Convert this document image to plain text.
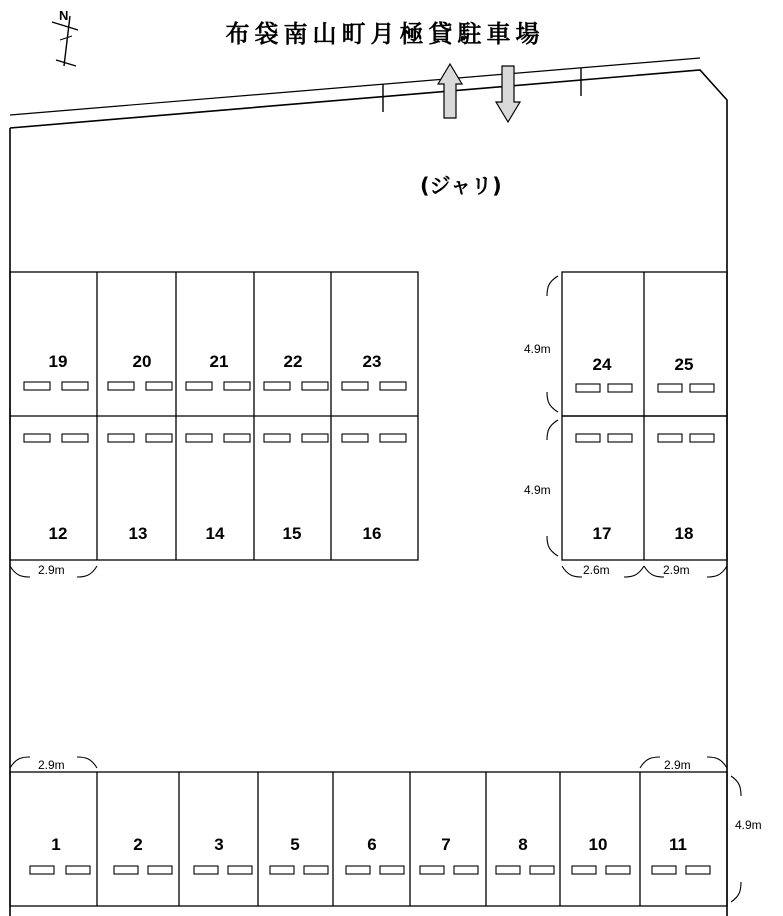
N
布袋南山町月極貸駐車場
(ジャリ)
19	20	21	22	23
12	13	14	15	16
24	25
17	18
1	2	3	5	6	7	8	10	11
2.9m
4.9m
4.9m
2.6m	2.9m
2.9m	2.9m
4.9m
